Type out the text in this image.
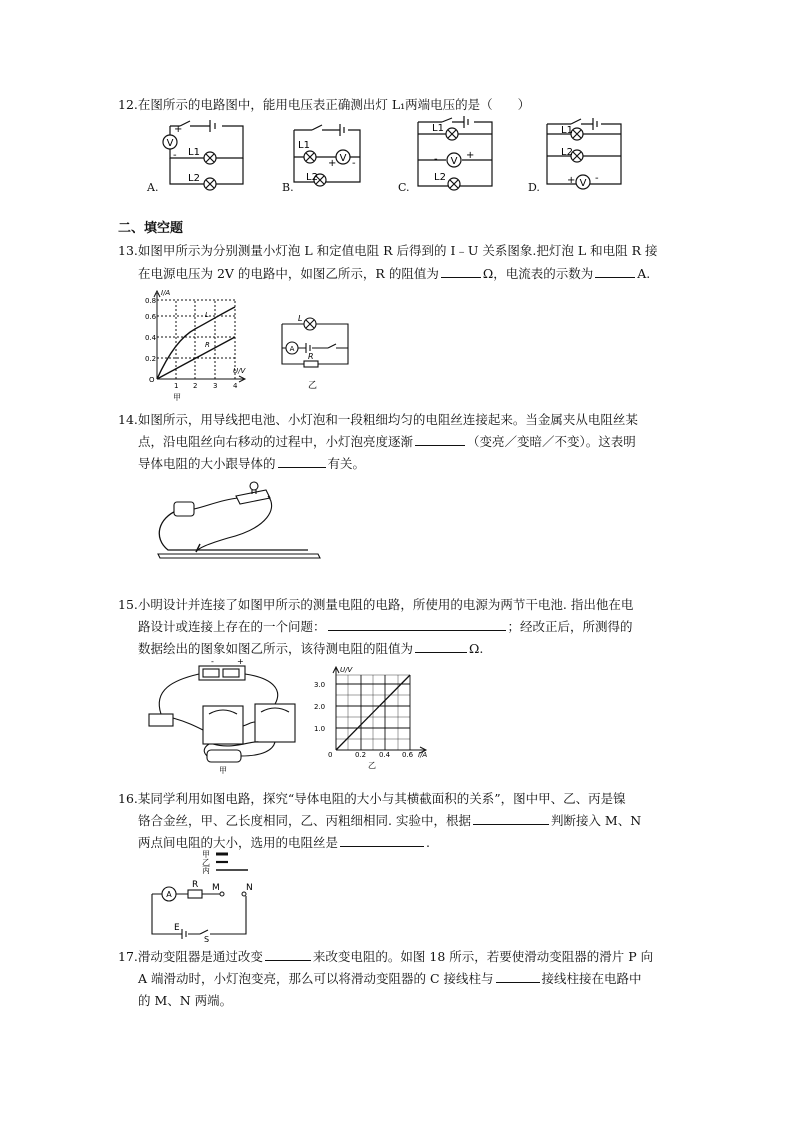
12.在图所示的电路图中，能用电压表正确测出灯 L₁两端电压的是（　　）
V
+
- L1
L2
A.
V
+ -
L1
L2
B.
V
-	+
L1
L2
C.	V
+ -
L1
L2
D.
二、填空题
13.如图甲所示为分别测量小灯泡 L 和定值电阻 R 后得到的 I﹣U 关系图象.把灯泡 L 和电阻 R 接
在电源电压为 2V 的电路中，如图乙所示，R 的阻值为	Ω，电流表的示数为	A.
0.8
0.6
0.4
0.2
O
1 2 3 4
I/A
U/V
L
R
甲
L
A
R
乙
14.如图所示，用导线把电池、小灯泡和一段粗细均匀的电阻丝连接起来。当金属夹从电阻丝某
点，沿电阻丝向右移动的过程中，小灯泡亮度逐渐	（变亮／变暗／不变）。这表明
导体电阻的大小跟导体的	有关。
15.小明设计并连接了如图甲所示的测量电阻的电路，所使用的电源为两节干电池. 指出他在电
路设计或连接上存在的一个问题：	；经改正后，所测得的
数据绘出的图象如图乙所示，该待测电阻的阻值为	Ω.
-	+
甲
3.0
2.0
1.0
0	0.2 0.4 0.6
U/V
I/A
乙
16.某同学利用如图电路，探究“导体电阻的大小与其横截面积的关系”，图中甲、乙、丙是镍
铬合金丝，甲、乙长度相同，乙、丙粗细相同. 实验中，根据	判断接入 M、N
两点间电阻的大小，选用的电阻丝是	.
甲
乙
丙
A
R M	N
E
S
17.滑动变阻器是通过改变	来改变电阻的。如图 18 所示，若要使滑动变阻器的滑片 P 向
A 端滑动时，小灯泡变亮，那么可以将滑动变阻器的 C 接线柱与	接线柱接在电路中
的 M、N 两端。
